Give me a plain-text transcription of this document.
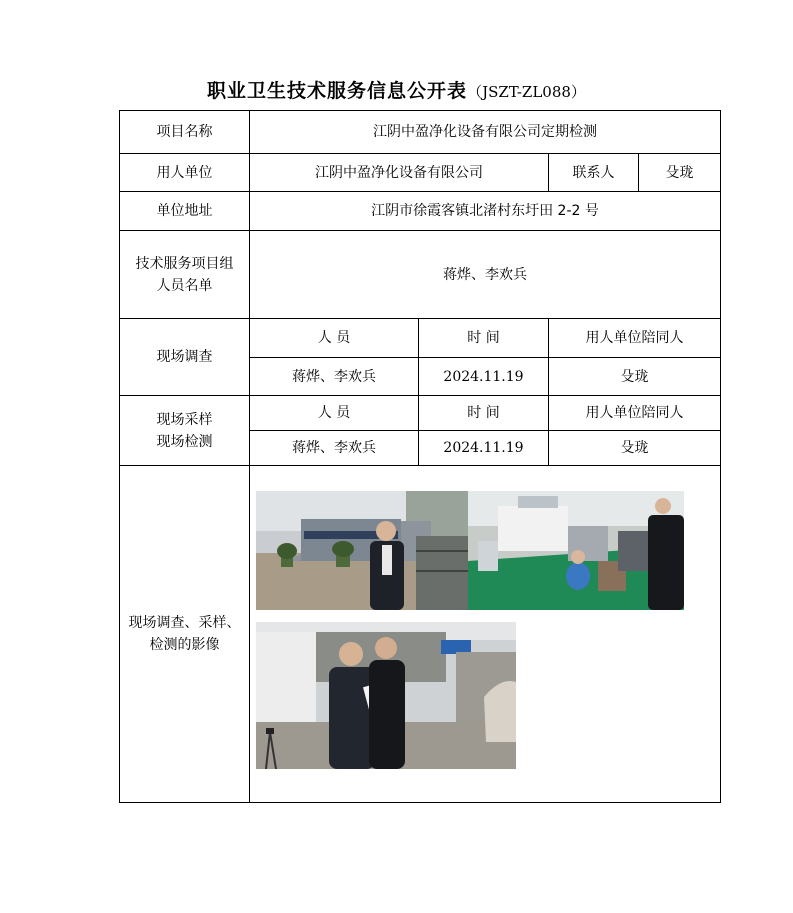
职业卫生技术服务信息公开表（JSZT-ZL088）
项目名称	江阴中盈净化设备有限公司定期检测			
用人单位	江阴中盈净化设备有限公司		联系人	殳珑
单位地址	江阴市徐霞客镇北渚村东圩田 2-2 号			

技术服务项目组
人员名单	蒋烨、李欢兵			
现场调查	人 员	时 间	用人单位陪同人	
	蒋烨、李欢兵	2024.11.19	殳珑	

现场采样
现场检测	人 员	时 间	用人单位陪同人	
	蒋烨、李欢兵	2024.11.19	殳珑	

现场调查、采样、
检测的影像
